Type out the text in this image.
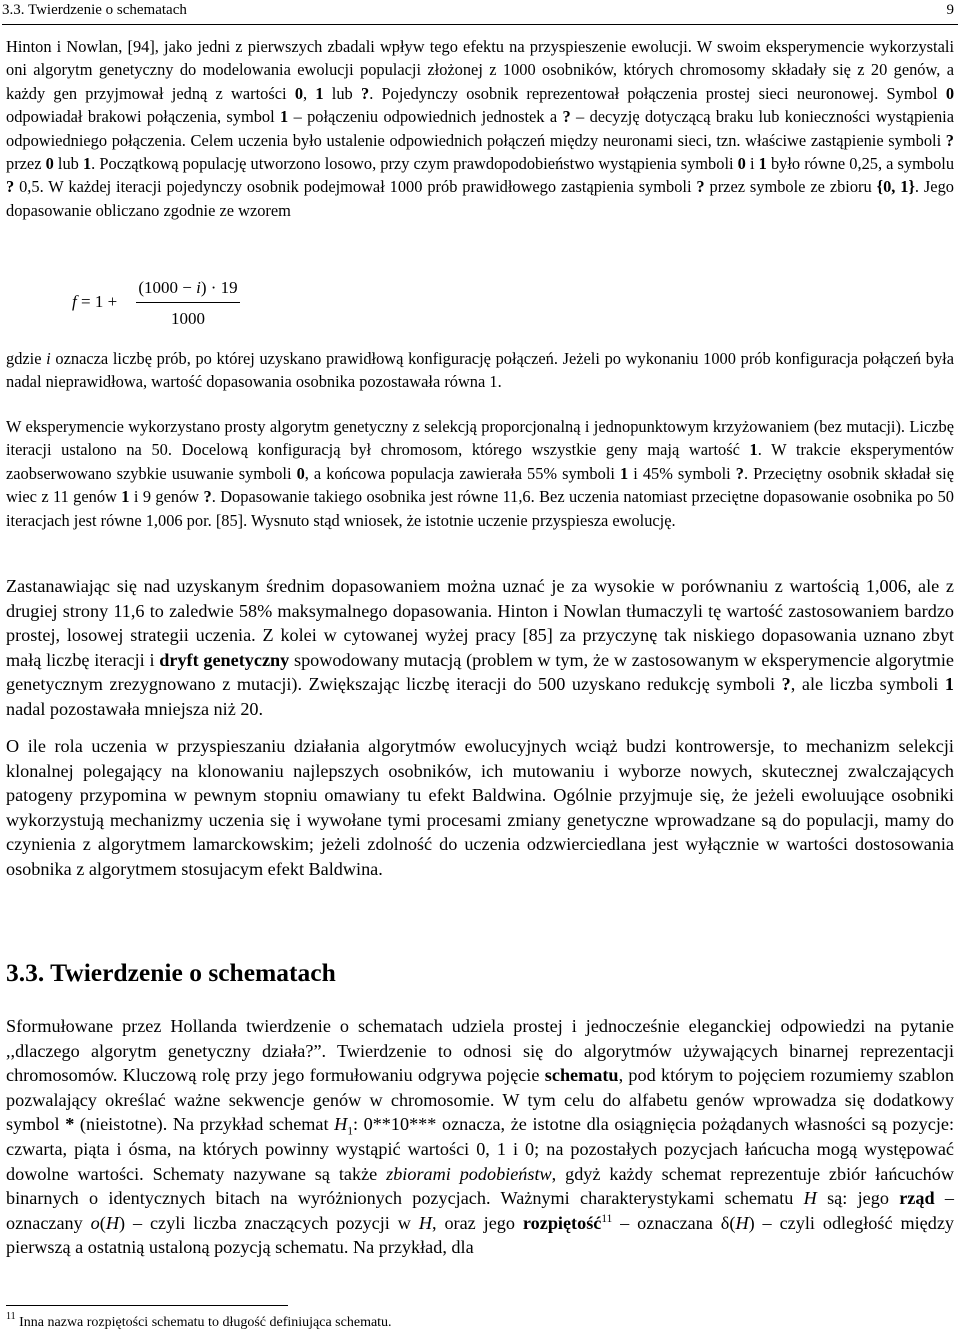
3.3. Twierdzenie o schematach	9

Hinton i Nowlan, [94], jako jedni z pierwszych zbadali wpływ tego efektu na przyspieszenie ewolucji. W swoim eksperymencie wykorzystali oni algorytm genetyczny do modelowania ewolucji populacji złożonej z 1000 osobników, których chromosomy składały się z 20 genów, a każdy gen przyjmował jedną z wartości 0, 1 lub ?. Pojedynczy osobnik reprezentował połączenia prostej sieci neuronowej. Symbol 0 odpowiadał brakowi połączenia, symbol 1 – połączeniu odpowiednich jednostek a ? – decyzję dotyczącą braku lub konieczności wystąpienia odpowiedniego połączenia. Celem uczenia było ustalenie odpowiednich połączeń między neuronami sieci, tzn. właściwe zastąpienie symboli ? przez 0 lub 1. Początkową populację utworzono losowo, przy czym prawdopodobieństwo wystąpienia symboli 0 i 1 było równe 0,25, a symbolu ? 0,5. W każdej iteracji pojedynczy osobnik podejmował 1000 prób prawidłowego zastąpienia symboli ? przez symbole ze zbioru {0, 1}. Jego dopasowanie obliczano zgodnie ze wzorem

f = 1 +
(1000 − i) · 19
1000

gdzie i oznacza liczbę prób, po której uzyskano prawidłową konfigurację połączeń. Jeżeli po wykonaniu 1000 prób konfiguracja połączeń była nadal nieprawidłowa, wartość dopasowania osobnika pozostawała równa 1.

W eksperymencie wykorzystano prosty algorytm genetyczny z selekcją proporcjonalną i jednopunktowym krzyżowaniem (bez mutacji). Liczbę iteracji ustalono na 50. Docelową konfiguracją był chromosom, którego wszystkie geny mają wartość 1. W trakcie eksperymentów zaobserwowano szybkie usuwanie symboli 0, a końcowa populacja zawierała 55% symboli 1 i 45% symboli ?. Przeciętny osobnik składał się wiec z 11 genów 1 i 9 genów ?. Dopasowanie takiego osobnika jest równe 11,6. Bez uczenia natomiast przeciętne dopasowanie osobnika po 50 iteracjach jest równe 1,006 por. [85]. Wysnuto stąd wniosek, że istotnie uczenie przyspiesza ewolucję.

Zastanawiając się nad uzyskanym średnim dopasowaniem można uznać je za wysokie w porównaniu z wartością 1,006, ale z drugiej strony 11,6 to zaledwie 58% maksymalnego dopasowania. Hinton i Nowlan tłumaczyli tę wartość zastosowaniem bardzo prostej, losowej strategii uczenia. Z kolei w cytowanej wyżej pracy [85] za przyczynę tak niskiego dopasowania uznano zbyt małą liczbę iteracji i dryft genetyczny spowodowany mutacją (problem w tym, że w zastosowanym w eksperymencie algorytmie genetycznym zrezygnowano z mutacji). Zwiększając liczbę iteracji do 500 uzyskano redukcję symboli ?, ale liczba symboli 1 nadal pozostawała mniejsza niż 20.

O ile rola uczenia w przyspieszaniu działania algorytmów ewolucyjnych wciąż budzi kontrowersje, to mechanizm selekcji klonalnej polegający na klonowaniu najlepszych osobników, ich mutowaniu i wyborze nowych, skutecznej zwalczających patogeny przypomina w pewnym stopniu omawiany tu efekt Baldwina. Ogólnie przyjmuje się, że jeżeli ewoluujące osobniki wykorzystują mechanizmy uczenia się i wywołane tymi procesami zmiany genetyczne wprowadzane są do populacji, mamy do czynienia z algorytmem lamarckowskim; jeżeli zdolność do uczenia odzwierciedlana jest wyłącznie w wartości dostosowania osobnika z algorytmem stosujacym efekt Baldwina.

3.3. Twierdzenie o schematach

Sformułowane przez Hollanda twierdzenie o schematach udziela prostej i jednocześnie eleganckiej odpowiedzi na pytanie ,,dlaczego algorytm genetyczny działa?”. Twierdzenie to odnosi się do algorytmów używających binarnej reprezentacji chromosomów. Kluczową rolę przy jego formułowaniu odgrywa pojęcie schematu, pod którym to pojęciem rozumiemy szablon pozwalający określać ważne sekwencje genów w chromosomie. W tym celu do alfabetu genów wprowadza się dodatkowy symbol * (nieistotne). Na przykład schemat $H_1$: 0**10*** oznacza, że istotne dla osiągnięcia pożądanych własności są pozycje: czwarta, piąta i ósma, na których powinny wystąpić wartości 0, 1 i 0; na pozostałych pozycjach łańcucha mogą występować dowolne wartości. Schematy nazywane są także zbiorami podobieństw, gdyż każdy schemat reprezentuje zbiór łańcuchów binarnych o identycznych bitach na wyróżnionych pozycjach. Ważnymi charakterystykami schematu H są: jego rząd – oznaczany o(H) – czyli liczba znaczących pozycji w H, oraz jego rozpiętość$^{11}$ – oznaczana δ(H) – czyli odległość między pierwszą a ostatnią ustaloną pozycją schematu. Na przykład, dla

$^{11}$ Inna nazwa rozpiętości schematu to długość definiująca schematu.
